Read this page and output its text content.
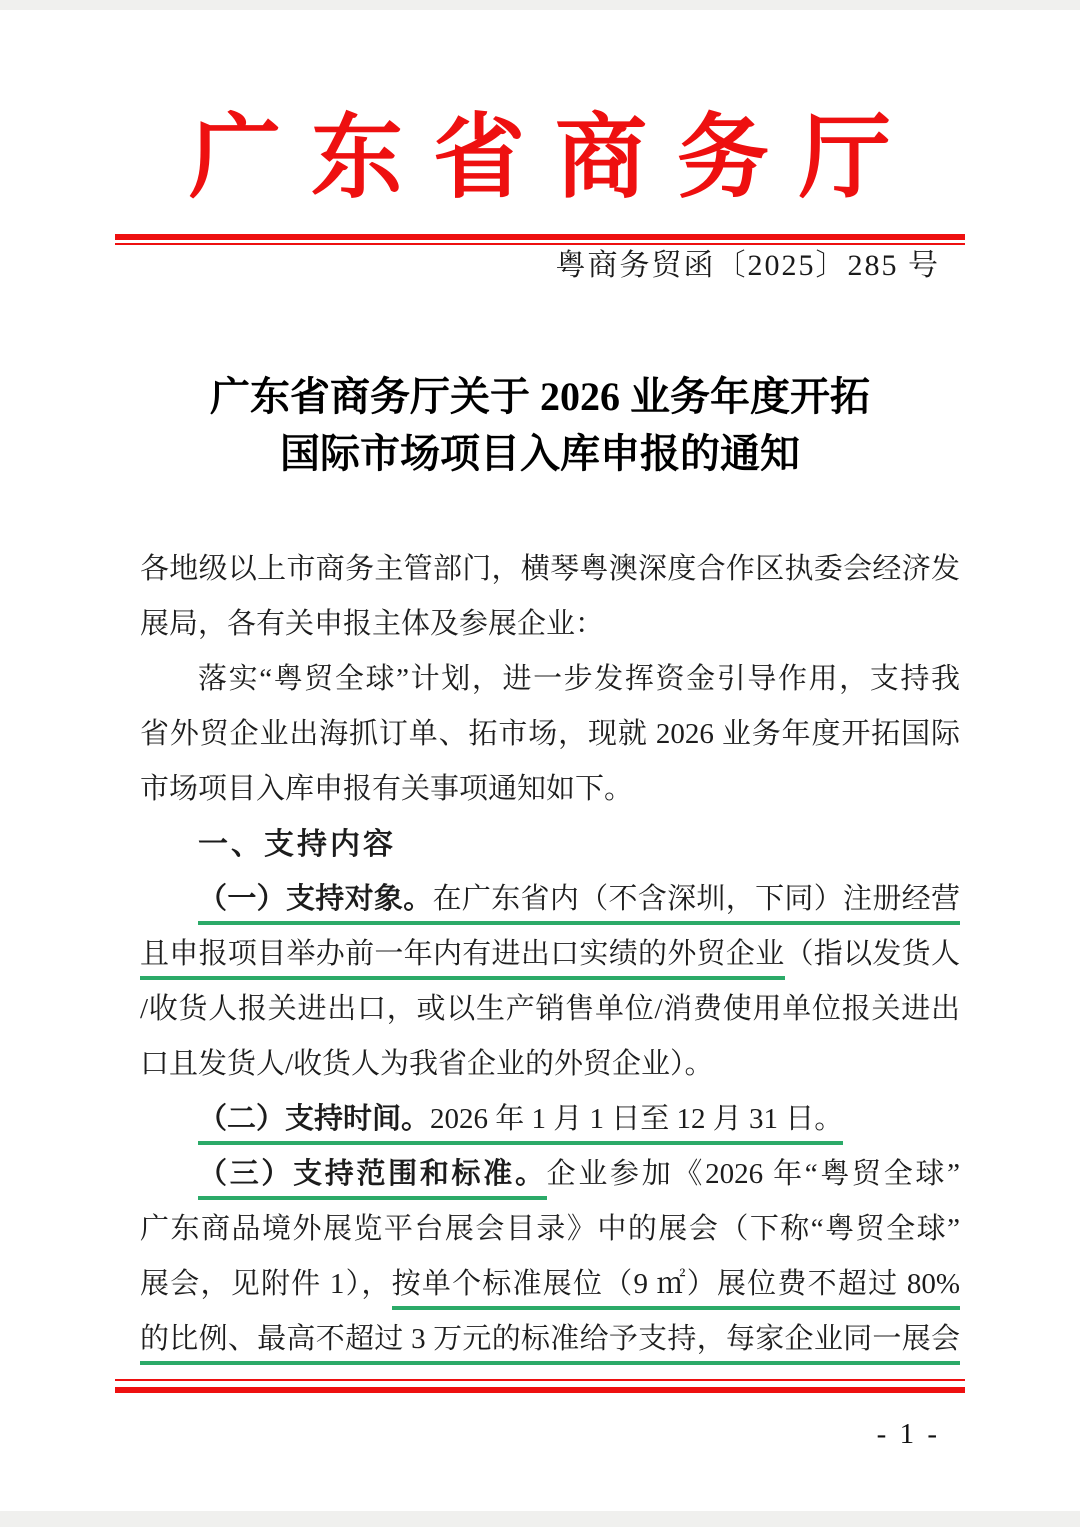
广东省商务厅
粤商务贸函〔2025〕285 号
广东省商务厅关于 2026 业务年度开拓
国际市场项目入库申报的通知
各地级以上市商务主管部门，横琴粤澳深度合作区执委会经济发
展局，各有关申报主体及参展企业：
落实“粤贸全球”计划，进一步发挥资金引导作用，支持我
省外贸企业出海抓订单、拓市场，现就 2026 业务年度开拓国际
市场项目入库申报有关事项通知如下。
一、支持内容
（一）支持对象。在广东省内（不含深圳，下同）注册经营
且申报项目举办前一年内有进出口实绩的外贸企业（指以发货人
/收货人报关进出口，或以生产销售单位/消费使用单位报关进出
口且发货人/收货人为我省企业的外贸企业）。
（二）支持时间。2026 年 1 月 1 日至 12 月 31 日。
（三）支持范围和标准。企业参加《2026 年“粤贸全球”
广东商品境外展览平台展会目录》中的展会（下称“粤贸全球”
展会，见附件 1），按单个标准展位（9 ㎡）展位费不超过 80%
的比例、最高不超过 3 万元的标准给予支持，每家企业同一展会
- 1 -
